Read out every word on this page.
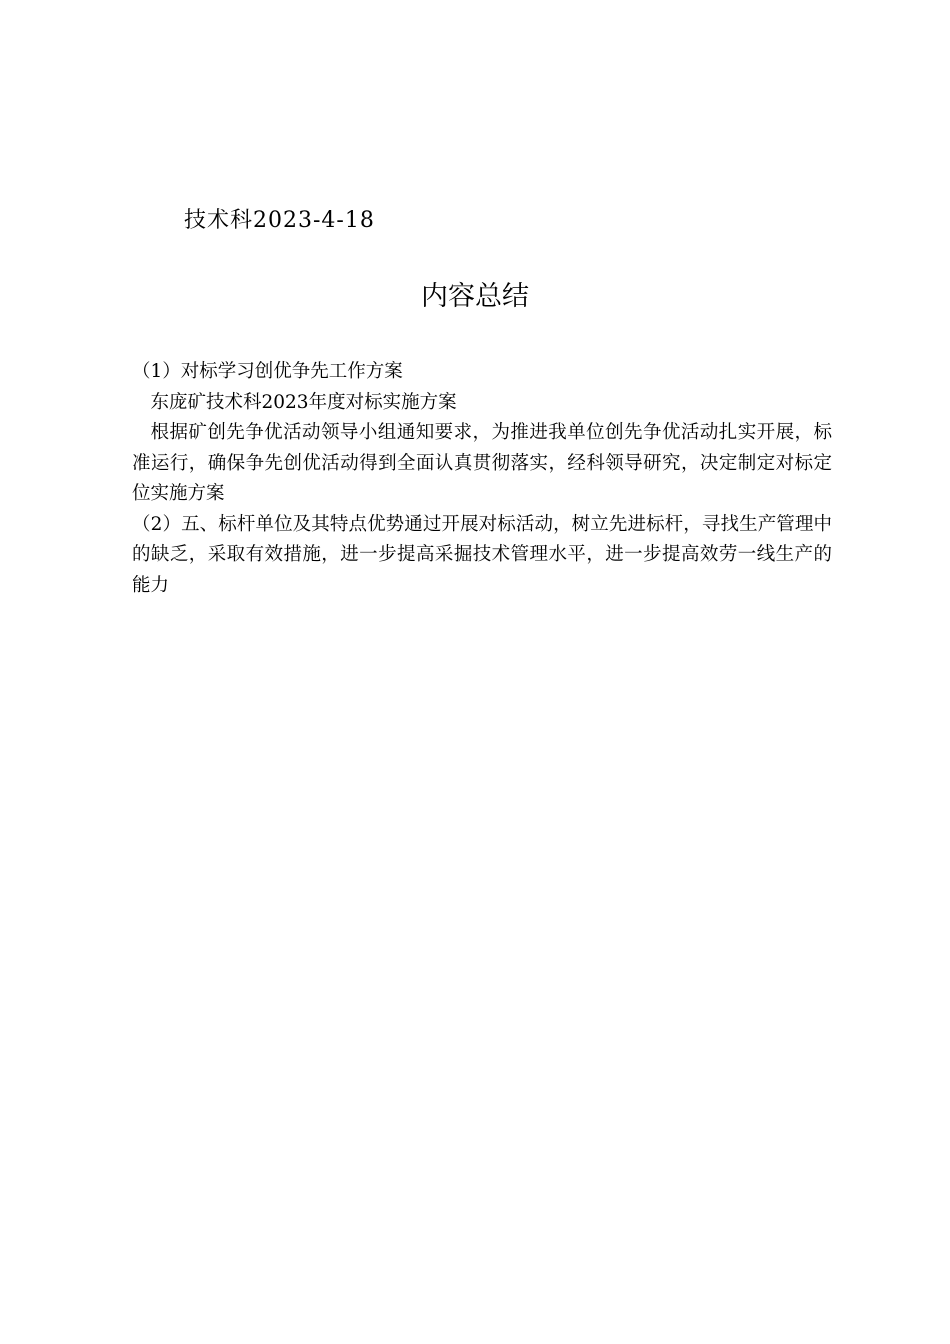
技术科2023-4-18
内容总结

（1）对标学习创优争先工作方案

东庞矿技术科2023年度对标实施方案

根据矿创先争优活动领导小组通知要求，为推进我单位创先争优活动扎实开展，标准运行，确保争先创优活动得到全面认真贯彻落实，经科领导研究，决定制定对标定位实施方案

（2）五、标杆单位及其特点优势通过开展对标活动，树立先进标杆，寻找生产管理中的缺乏，采取有效措施，进一步提高采掘技术管理水平，进一步提高效劳一线生产的能力
